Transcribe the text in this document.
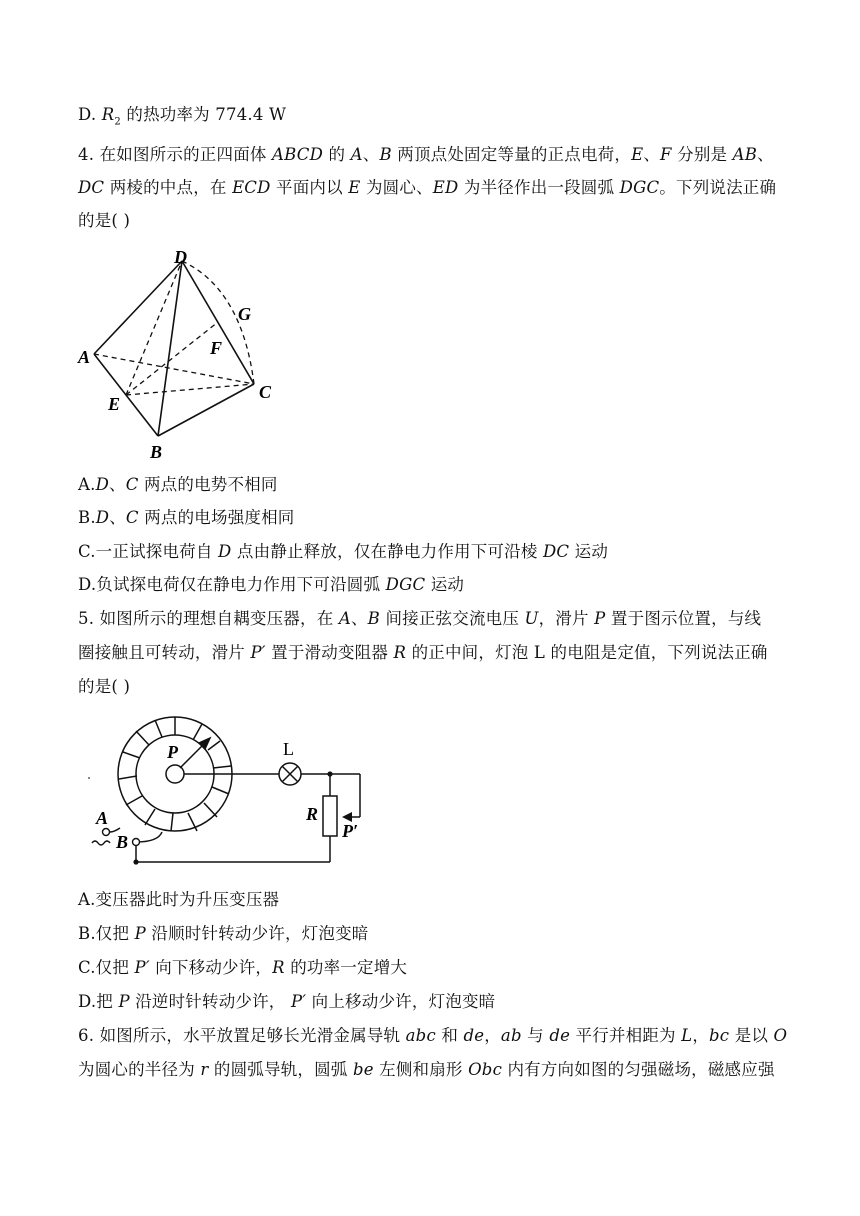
D. $R_2$ 的热功率为 774.4 W
4. 在如图所示的正四面体 ABCD 的 A、B 两顶点处固定等量的正点电荷，E、F 分别是 AB、
DC 两棱的中点，在 ECD 平面内以 E 为圆心、ED 为半径作出一段圆弧 DGC。下列说法正确
的是( )
D
A
G
F
E
C
B
A.D、C 两点的电势不相同
B.D、C 两点的电场强度相同
C.一正试探电荷自 D 点由静止释放，仅在静电力作用下可沿棱 DC 运动
D.负试探电荷仅在静电力作用下可沿圆弧 DGC 运动
5. 如图所示的理想自耦变压器，在 A、B 间接正弦交流电压 U，滑片 P 置于图示位置，与线
圈接触且可转动，滑片 P′ 置于滑动变阻器 R 的正中间，灯泡 L 的电阻是定值，下列说法正确
的是( )
P	L
A
B
R
P′
A.变压器此时为升压变压器
B.仅把 P 沿顺时针转动少许，灯泡变暗
C.仅把 P′ 向下移动少许，R 的功率一定增大
D.把 P 沿逆时针转动少许， P′ 向上移动少许，灯泡变暗
6. 如图所示，水平放置足够长光滑金属导轨 abc 和 de，ab 与 de 平行并相距为 L，bc 是以 O
为圆心的半径为 r 的圆弧导轨，圆弧 be 左侧和扇形 Obc 内有方向如图的匀强磁场，磁感应强
